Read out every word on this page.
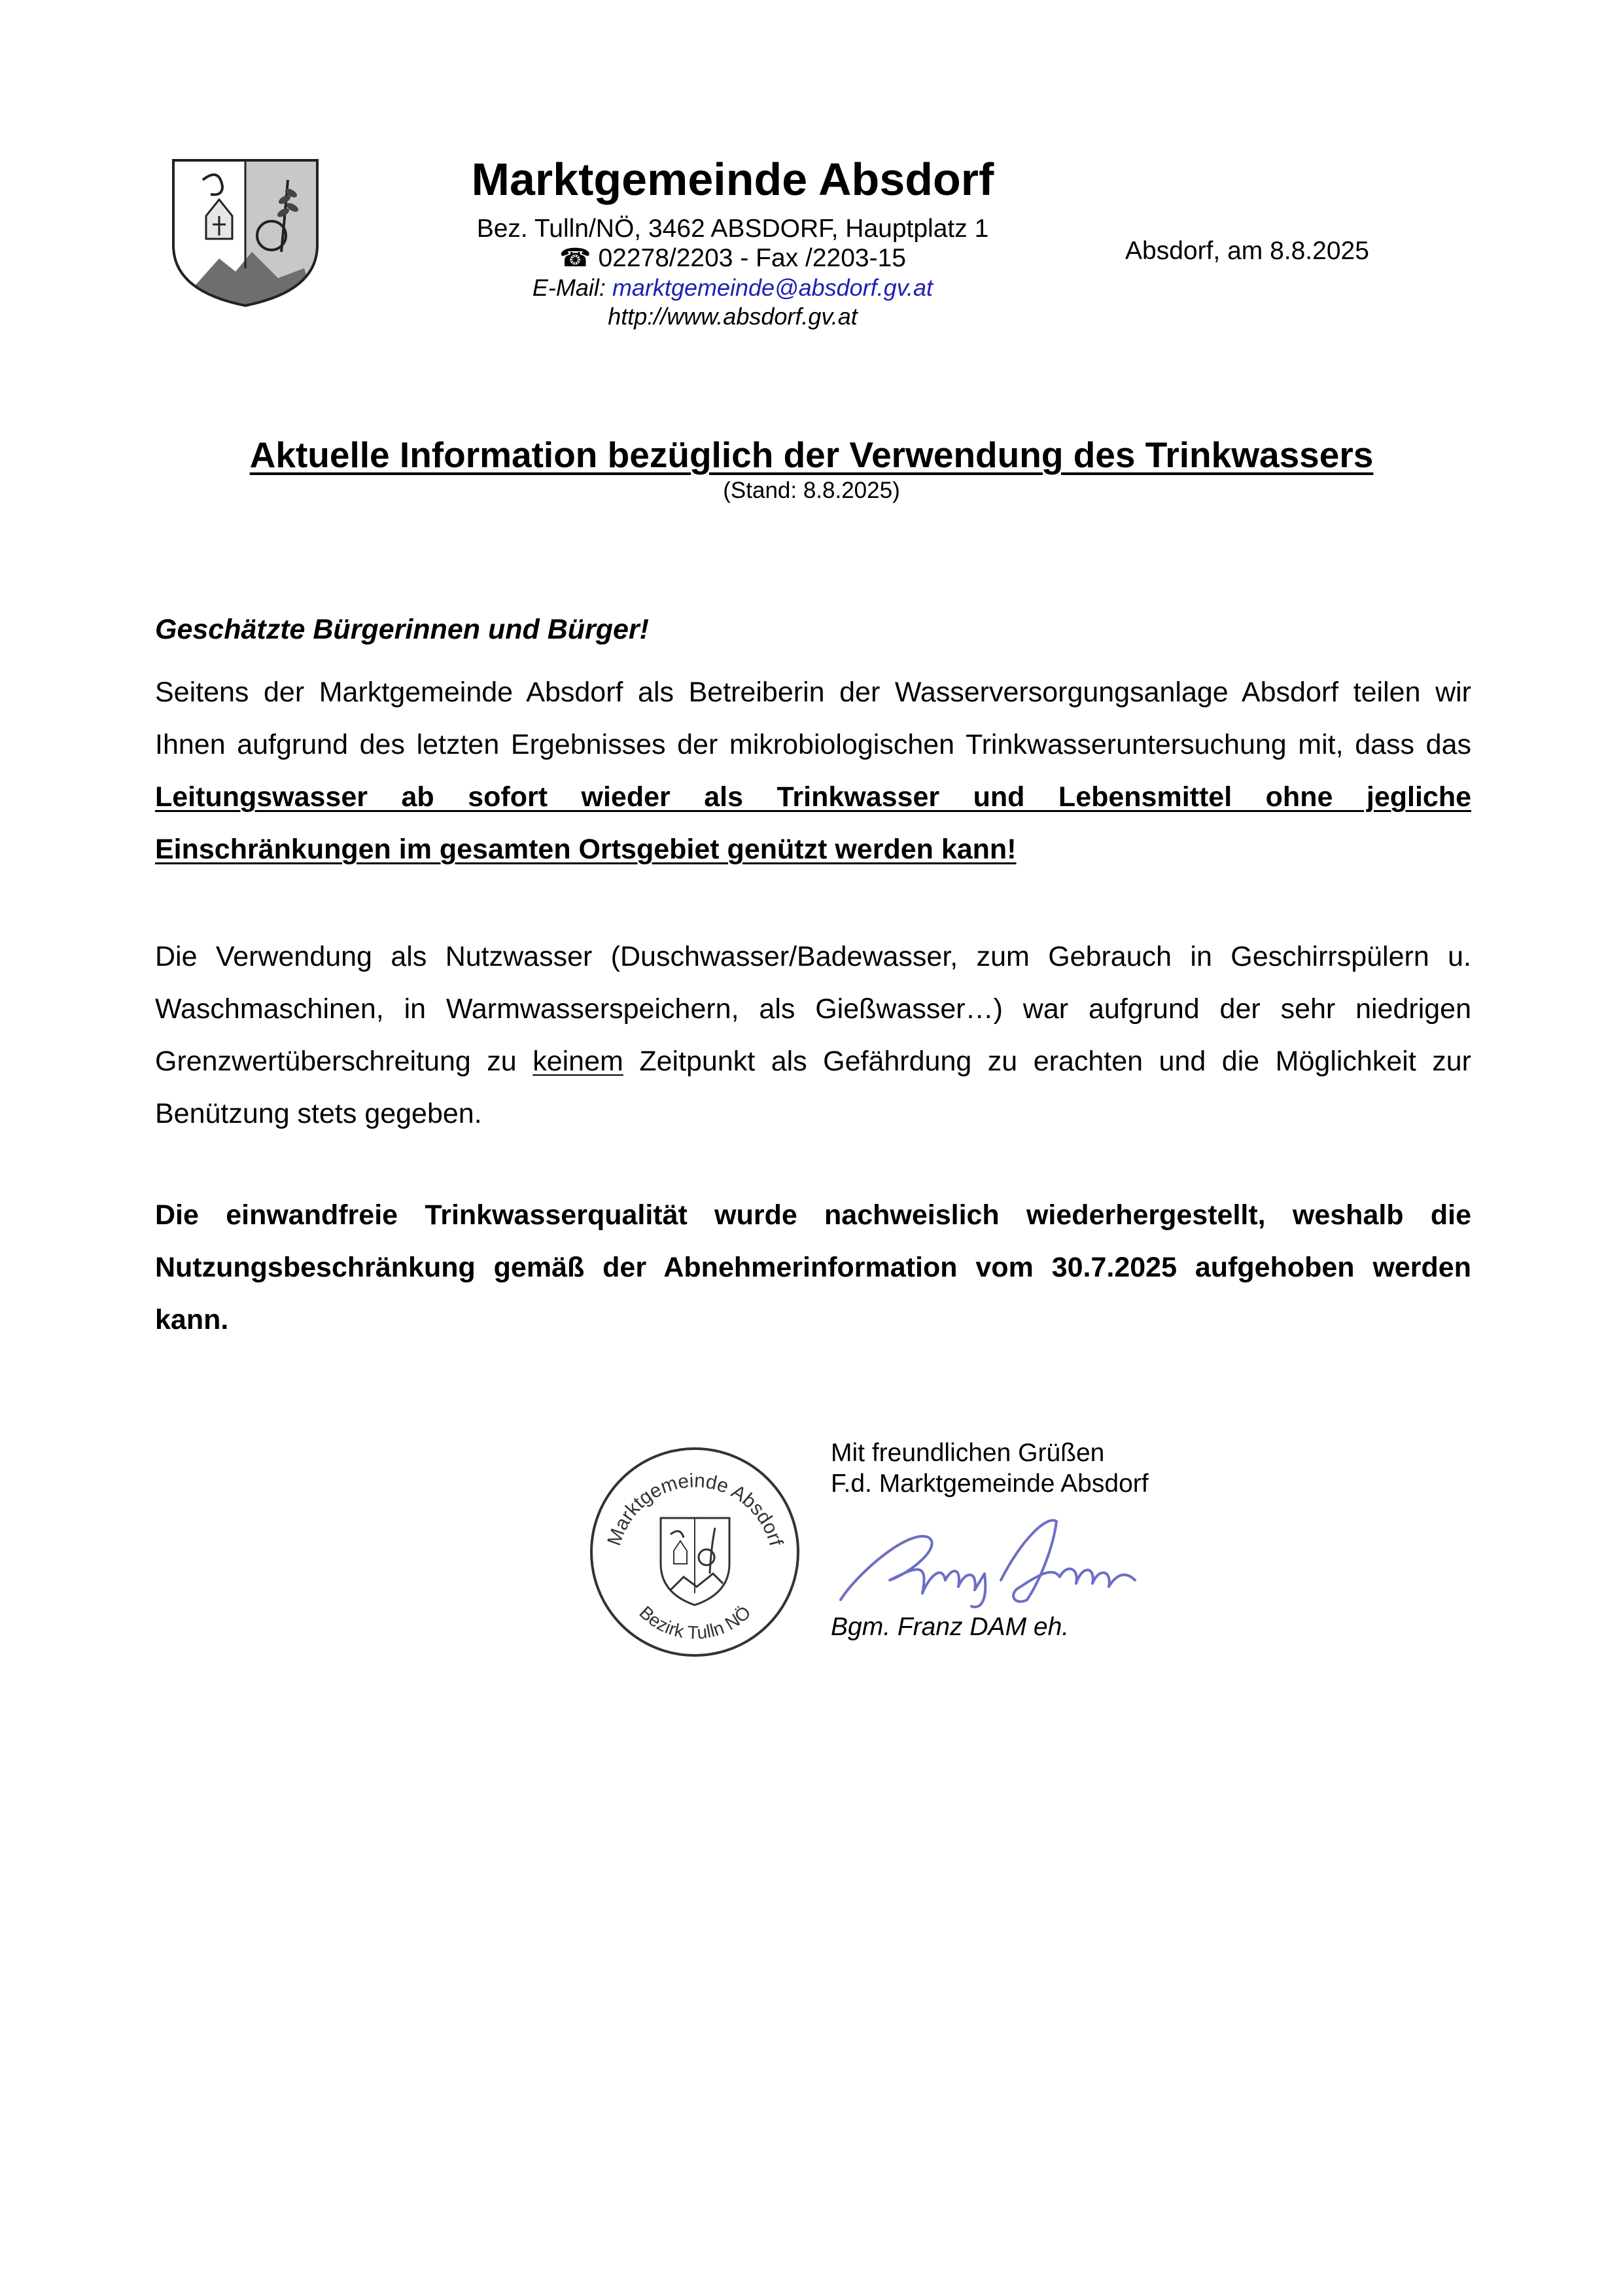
Marktgemeinde Absdorf
Bez. Tulln/NÖ, 3462 ABSDORF, Hauptplatz 1
☎ 02278/2203 - Fax /2203-15
E-Mail: marktgemeinde@absdorf.gv.at
http://www.absdorf.gv.at
Absdorf, am 8.8.2025
Aktuelle Information bezüglich der Verwendung des Trinkwassers
(Stand: 8.8.2025)
Geschätzte Bürgerinnen und Bürger!
Seitens der Marktgemeinde Absdorf als Betreiberin der Wasserversorgungsanlage Absdorf teilen wir Ihnen aufgrund des letzten Ergebnisses der mikrobiologischen Trinkwasseruntersuchung mit, dass das Leitungswasser ab sofort wieder als Trinkwasser und Lebensmittel ohne jegliche Einschränkungen im gesamten Ortsgebiet genützt werden kann!
Die Verwendung als Nutzwasser (Duschwasser/Badewasser, zum Gebrauch in Geschirrspülern u. Waschmaschinen, in Warmwasserspeichern, als Gießwasser…) war aufgrund der sehr niedrigen Grenzwertüberschreitung zu keinem Zeitpunkt als Gefährdung zu erachten und die Möglichkeit zur Benützung stets gegeben.
Die einwandfreie Trinkwasserqualität wurde nachweislich wiederhergestellt, weshalb die Nutzungsbeschränkung gemäß der Abnehmerinformation vom 30.7.2025 aufgehoben werden kann.
Marktgemeinde Absdorf
Bezirk Tulln NÖ
Mit freundlichen Grüßen
F.d. Marktgemeinde Absdorf
Bgm. Franz DAM eh.
